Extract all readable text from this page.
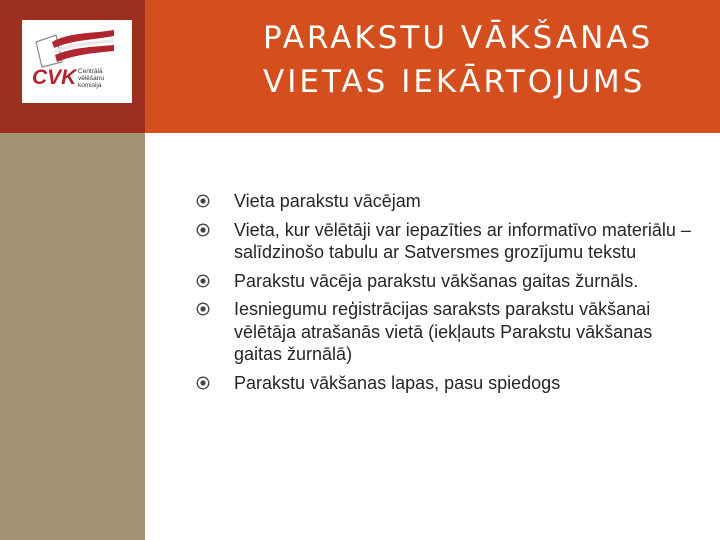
PARAKSTU VĀKŠANAS
VIETAS IEKĀRTOJUMS
CVK Centrālā
vēlēšanu
komisija
Vieta parakstu vācējam
Vieta, kur vēlētāji var iepazīties ar informatīvo materiālu – salīdzinošo tabulu ar Satversmes grozījumu tekstu
Parakstu vācēja parakstu vākšanas gaitas žurnāls.
Iesniegumu reģistrācijas saraksts parakstu vākšanai vēlētāja atrašanās vietā (iekļauts Parakstu vākšanas gaitas žurnālā)
Parakstu vākšanas lapas, pasu spiedogs
